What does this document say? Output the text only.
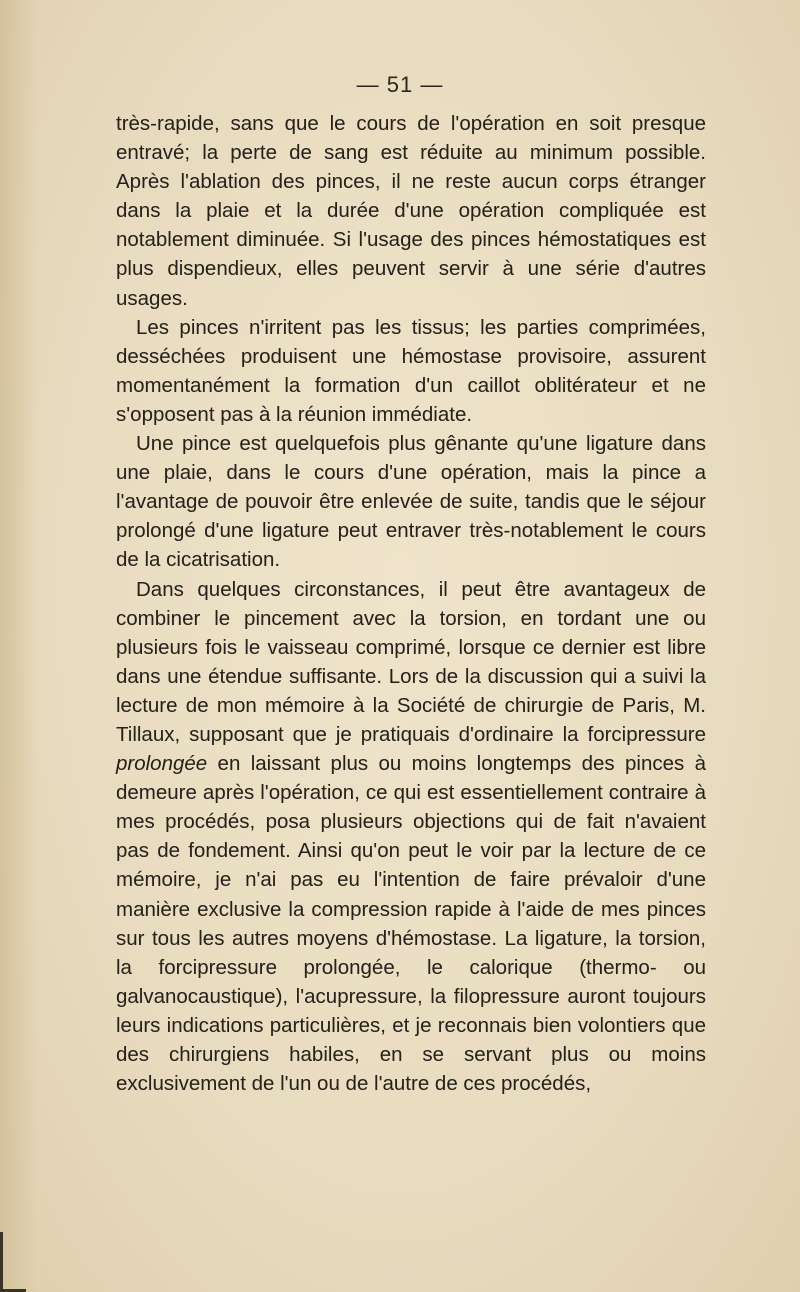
— 51 —

très-rapide, sans que le cours de l'opération en soit presque entravé; la perte de sang est réduite au minimum possible. Après l'ablation des pinces, il ne reste aucun corps étranger dans la plaie et la durée d'une opération compliquée est notablement diminuée. Si l'usage des pinces hémostatiques est plus dispendieux, elles peuvent servir à une série d'autres usages.

Les pinces n'irritent pas les tissus; les parties comprimées, desséchées produisent une hémostase provisoire, assurent momentanément la formation d'un caillot oblitérateur et ne s'opposent pas à la réunion immédiate.

Une pince est quelquefois plus gênante qu'une ligature dans une plaie, dans le cours d'une opération, mais la pince a l'avantage de pouvoir être enlevée de suite, tandis que le séjour prolongé d'une ligature peut entraver très-notablement le cours de la cicatrisation.

Dans quelques circonstances, il peut être avantageux de combiner le pincement avec la torsion, en tordant une ou plusieurs fois le vaisseau comprimé, lorsque ce dernier est libre dans une étendue suffisante. Lors de la discussion qui a suivi la lecture de mon mémoire à la Société de chirurgie de Paris, M. Tillaux, supposant que je pratiquais d'ordinaire la forcipressure prolongée en laissant plus ou moins longtemps des pinces à demeure après l'opération, ce qui est essentiellement contraire à mes procédés, posa plusieurs objections qui de fait n'avaient pas de fondement. Ainsi qu'on peut le voir par la lecture de ce mémoire, je n'ai pas eu l'intention de faire prévaloir d'une manière exclusive la compression rapide à l'aide de mes pinces sur tous les autres moyens d'hémostase. La ligature, la torsion, la forcipressure prolongée, le calorique (thermo- ou galvanocaustique), l'acupressure, la filopressure auront toujours leurs indications particulières, et je reconnais bien volontiers que des chirurgiens habiles, en se servant plus ou moins exclusivement de l'un ou de l'autre de ces procédés,
